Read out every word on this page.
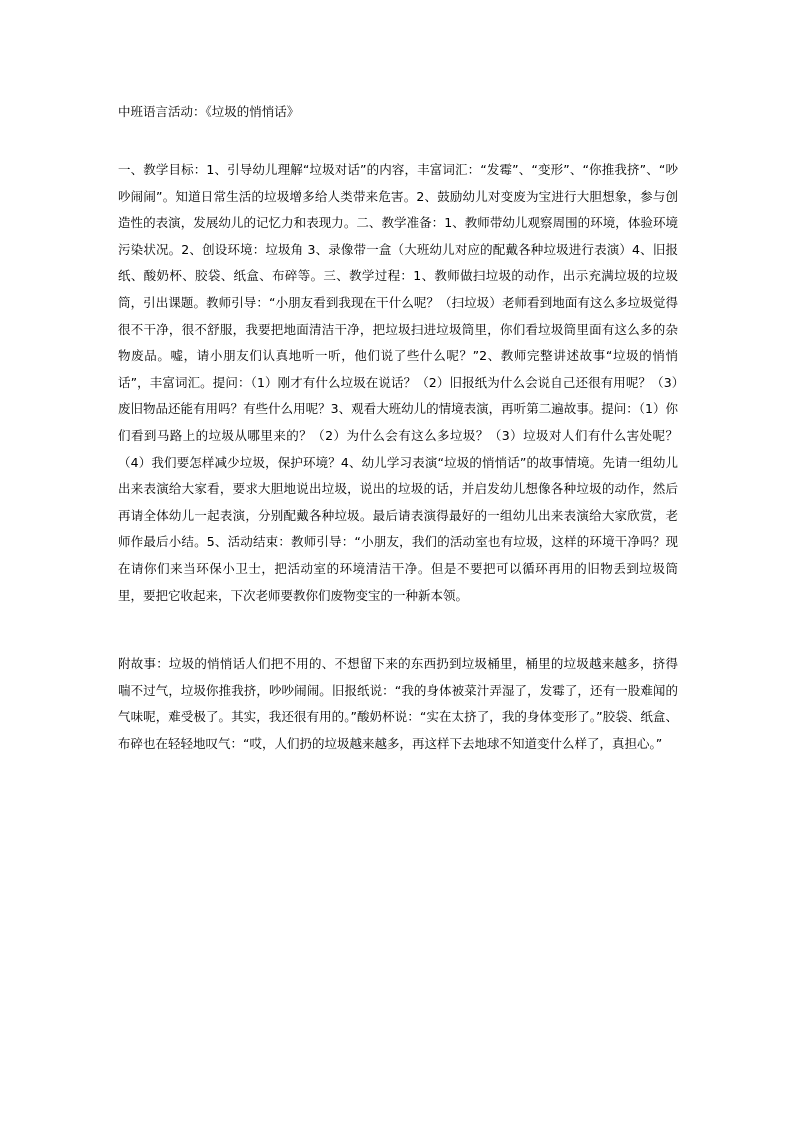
中班语言活动：《垃圾的悄悄话》
一、教学目标：1、引导幼儿理解“垃圾对话”的内容，丰富词汇：“发霉”、“变形”、“你推我挤”、“吵吵闹闹”。知道日常生活的垃圾增多给人类带来危害。2、鼓励幼儿对变废为宝进行大胆想象，参与创造性的表演，发展幼儿的记忆力和表现力。二、教学准备：1、教师带幼儿观察周围的环境，体验环境污染状况。2、创设环境：垃圾角 3、录像带一盒（大班幼儿对应的配戴各种垃圾进行表演）4、旧报纸、酸奶杯、胶袋、纸盒、布碎等。三、教学过程：1、教师做扫垃圾的动作，出示充满垃圾的垃圾筒，引出课题。教师引导：“小朋友看到我现在干什么呢？（扫垃圾）老师看到地面有这么多垃圾觉得很不干净，很不舒服，我要把地面清洁干净，把垃圾扫进垃圾筒里，你们看垃圾筒里面有这么多的杂物废品。嘘，请小朋友们认真地听一听，他们说了些什么呢？”2、教师完整讲述故事“垃圾的悄悄话”，丰富词汇。提问：（1）刚才有什么垃圾在说话？（2）旧报纸为什么会说自己还很有用呢？（3）废旧物品还能有用吗？有些什么用呢？3、观看大班幼儿的情境表演，再听第二遍故事。提问：（1）你们看到马路上的垃圾从哪里来的？（2）为什么会有这么多垃圾？（3）垃圾对人们有什么害处呢？（4）我们要怎样减少垃圾，保护环境？4、幼儿学习表演“垃圾的悄悄话”的故事情境。先请一组幼儿出来表演给大家看，要求大胆地说出垃圾，说出的垃圾的话，并启发幼儿想像各种垃圾的动作，然后再请全体幼儿一起表演，分别配戴各种垃圾。最后请表演得最好的一组幼儿出来表演给大家欣赏，老师作最后小结。5、活动结束：教师引导：“小朋友，我们的活动室也有垃圾，这样的环境干净吗？现在请你们来当环保小卫士，把活动室的环境清洁干净。但是不要把可以循环再用的旧物丢到垃圾筒里，要把它收起来，下次老师要教你们废物变宝的一种新本领。
附故事：垃圾的悄悄话人们把不用的、不想留下来的东西扔到垃圾桶里，桶里的垃圾越来越多，挤得喘不过气，垃圾你推我挤，吵吵闹闹。旧报纸说：“我的身体被菜汁弄湿了，发霉了，还有一股难闻的气味呢，难受极了。其实，我还很有用的。”酸奶杯说：“实在太挤了，我的身体变形了。”胶袋、纸盒、布碎也在轻轻地叹气：“哎，人们扔的垃圾越来越多，再这样下去地球不知道变什么样了，真担心。”
